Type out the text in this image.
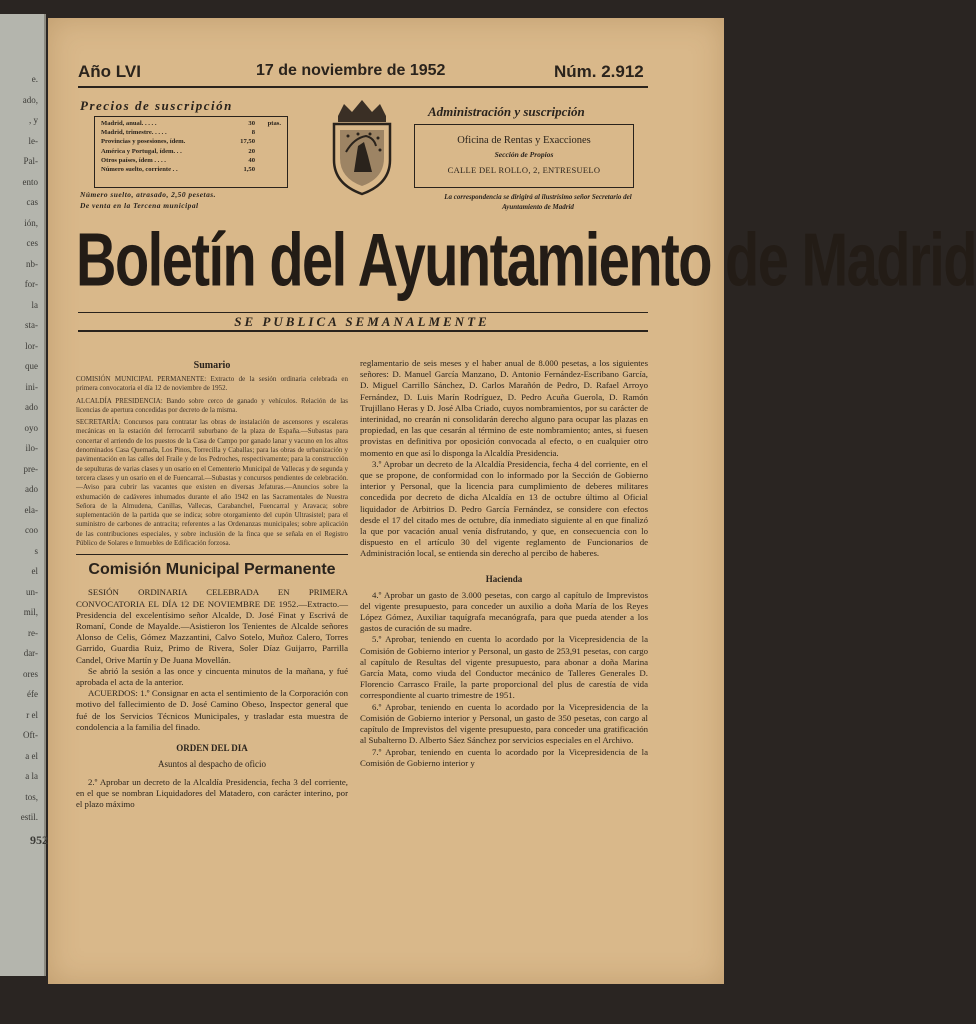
e.
ado,
, y
le-
Pal-
ento
cas
ión,
ces
nb-
for-
la
sta-
lor-
que
ini-
ado
oyo
ilo-
pre-
ado
ela-
coo
s
el
un-
mil,
re-
dar-
ores
éfe
r el
Oft-
a el
a la
tos,
estil.
952
Año LVI	17 de noviembre de 1952	Núm. 2.912
Precios de suscripción
Madrid, anual. . . . .	30	ptas.
Madrid, trimestre. . . . .	8
Provincias y posesiones, ídem.	17,50
América y Portugal, ídem. . .	20
Otros países, ídem . . . .	40
Número suelto, corriente . .	1,50
Número suelto, atrasado, 2,50 pesetas.
De venta en la Tercena municipal
Administración y suscripción
Oficina de Rentas y Exacciones
Sección de Propios
CALLE DEL ROLLO, 2, ENTRESUELO
La correspondencia se dirigirá al ilustrísimo señor Secretario del Ayuntamiento de Madrid
Boletín del Ayuntamiento de Madrid
SE PUBLICA SEMANALMENTE
Sumario

COMISIÓN MUNICIPAL PERMANENTE: Extracto de la sesión ordinaria celebrada en primera convocatoria el día 12 de noviembre de 1952.

ALCALDÍA PRESIDENCIA: Bando sobre cerco de ganado y vehículos. Relación de las licencias de apertura concedidas por decreto de la misma.

SECRETARÍA: Concursos para contratar las obras de instalación de ascensores y escaleras mecánicas en la estación del ferrocarril suburbano de la plaza de España.—Subastas para concertar el arriendo de los puestos de la Casa de Campo por ganado lanar y vacuno en los altos denominados Casa Quemada, Los Pinos, Torrecilla y Caballas; para las obras de urbanización y pavimentación en las calles del Fraile y de los Pedroches, respectivamente; para la construcción de sepulturas de varias clases y un osario en el Cementerio Municipal de Vallecas y de segunda y tercera clases y un osario en el de Fuencarral.—Subastas y concursos pendientes de celebración.—Aviso para cubrir las vacantes que existen en diversas Jefaturas.—Anuncios sobre la exhumación de cadáveres inhumados durante el año 1942 en las Sacramentales de Nuestra Señora de la Almudena, Canillas, Vallecas, Carabanchel, Fuencarral y Aravaca; sobre suplementación de la partida que se indica; sobre otorgamiento del cupón Ultrasistel; para el suministro de carbones de antracita; referentes a las Ordenanzas municipales; sobre aplicación de las contribuciones especiales, y sobre inclusión de la finca que se señala en el Registro Público de Solares e Inmuebles de Edificación forzosa.

Comisión Municipal Permanente

SESIÓN ORDINARIA CELEBRADA EN PRIMERA CONVOCATORIA EL DÍA 12 DE NOVIEMBRE DE 1952.—Extracto.—Presidencia del excelentísimo señor Alcalde, D. José Finat y Escrivá de Romaní, Conde de Mayalde.—Asistieron los Tenientes de Alcalde señores Alonso de Celis, Gómez Mazzantini, Calvo Sotelo, Muñoz Calero, Torres Garrido, Guardia Ruiz, Primo de Rivera, Soler Díaz Guijarro, Parrilla Candel, Orive Martín y De Juana Movellán.

Se abrió la sesión a las once y cincuenta minutos de la mañana, y fué aprobada el acta de la anterior.

ACUERDOS: 1.º Consignar en acta el sentimiento de la Corporación con motivo del fallecimiento de D. José Camino Obeso, Inspector general que fué de los Servicios Técnicos Municipales, y trasladar esta muestra de condolencia a la familia del finado.

ORDEN DEL DIA
Asuntos al despacho de oficio

2.º Aprobar un decreto de la Alcaldía Presidencia, fecha 3 del corriente, en el que se nombran Liquidadores del Matadero, con carácter interino, por el plazo máximo

reglamentario de seis meses y el haber anual de 8.000 pesetas, a los siguientes señores: D. Manuel García Manzano, D. Antonio Fernández-Escribano García, D. Miguel Carrillo Sánchez, D. Carlos Marañón de Pedro, D. Rafael Arroyo Fernández, D. Luis Marín Rodríguez, D. Pedro Acuña Guerola, D. Ramón Trujillano Heras y D. José Alba Criado, cuyos nombramientos, por su carácter de interinidad, no crearán ni consolidarán derecho alguno para ocupar las plazas en propiedad, en las que cesarán al término de este nombramiento; antes, si fuesen provistas en definitiva por oposición convocada al efecto, o en cualquier otro momento en que así lo disponga la Alcaldía Presidencia.

3.º Aprobar un decreto de la Alcaldía Presidencia, fecha 4 del corriente, en el que se propone, de conformidad con lo informado por la Sección de Gobierno interior y Personal, que la licencia para cumplimiento de deberes militares concedida por decreto de dicha Alcaldía en 13 de octubre último al Oficial liquidador de Arbitrios D. Pedro García Fernández, se considere con efectos desde el 17 del citado mes de octubre, día inmediato siguiente al en que finalizó la que por vacación anual venía disfrutando, y que, en consecuencia con lo dispuesto en el artículo 30 del vigente reglamento de Funcionarios de Administración local, se entienda sin derecho al percibo de haberes.

Hacienda

4.º Aprobar un gasto de 3.000 pesetas, con cargo al capítulo de Imprevistos del vigente presupuesto, para conceder un auxilio a doña María de los Reyes López Gómez, Auxiliar taquígrafa mecanógrafa, para que pueda atender a los gastos de curación de su madre.

5.º Aprobar, teniendo en cuenta lo acordado por la Vicepresidencia de la Comisión de Gobierno interior y Personal, un gasto de 253,91 pesetas, con cargo al capítulo de Resultas del vigente presupuesto, para abonar a doña Marina García Mata, como viuda del Conductor mecánico de Talleres Generales D. Florencio Carrasco Fraile, la parte proporcional del plus de carestía de vida correspondiente al cuarto trimestre de 1951.

6.º Aprobar, teniendo en cuenta lo acordado por la Vicepresidencia de la Comisión de Gobierno interior y Personal, un gasto de 350 pesetas, con cargo al capítulo de Imprevistos del vigente presupuesto, para conceder una gratificación al Subalterno D. Alberto Sáez Sánchez por servicios especiales en el Archivo.

7.º Aprobar, teniendo en cuenta lo acordado por la Vicepresidencia de la Comisión de Gobierno interior y
